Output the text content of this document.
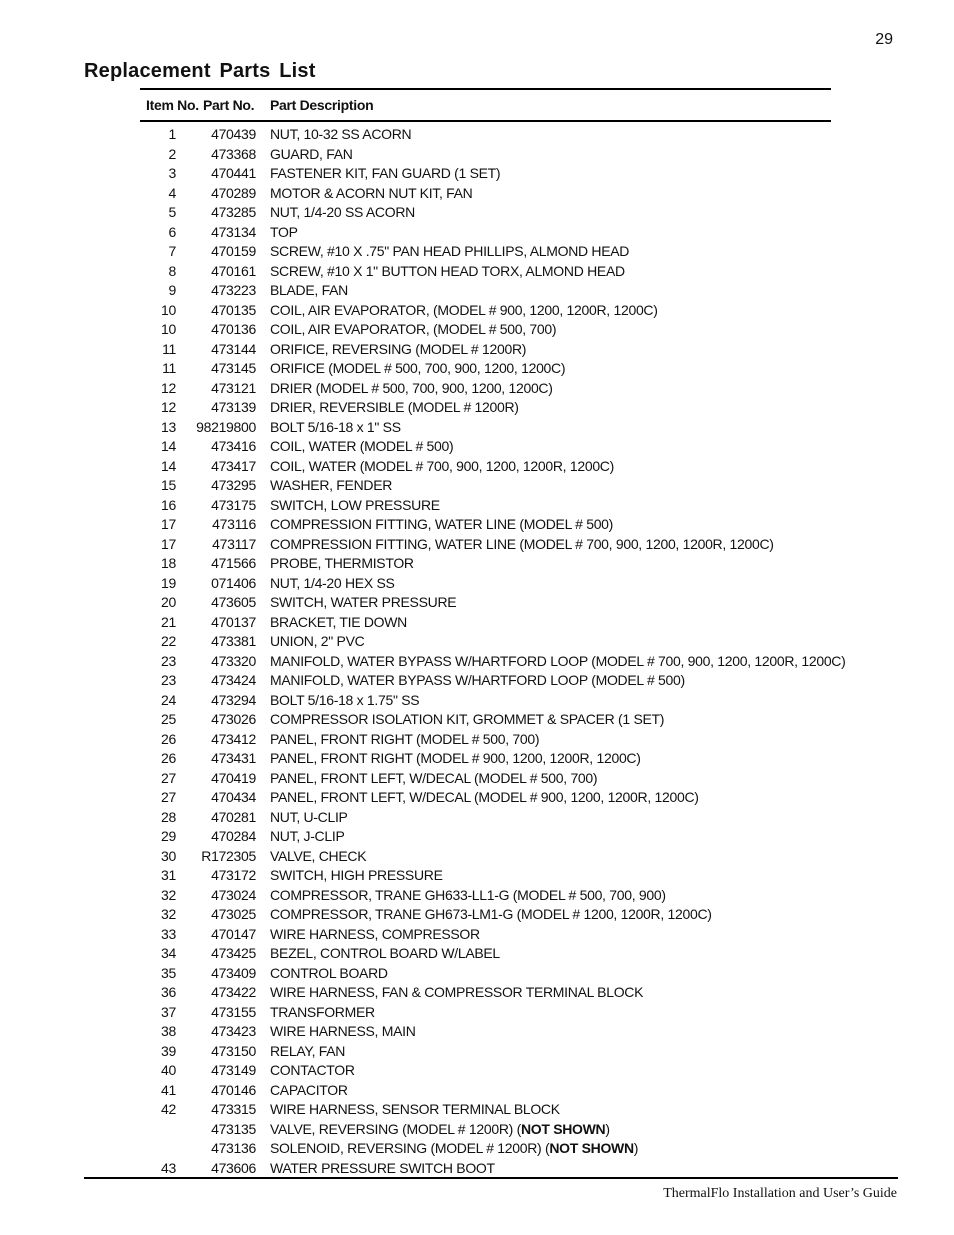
29
Replacement Parts List
Item No. Part No. Part Description
1	470439 NUT, 10-32 SS ACORN
2	473368 GUARD, FAN
3	470441 FASTENER KIT, FAN GUARD (1 SET)
4	470289 MOTOR & ACORN NUT KIT, FAN
5	473285 NUT, 1/4-20 SS ACORN
6	473134 TOP
7	470159 SCREW, #10 X .75" PAN HEAD PHILLIPS, ALMOND HEAD
8	470161 SCREW, #10 X 1" BUTTON HEAD TORX, ALMOND HEAD
9	473223 BLADE, FAN
10	470135 COIL, AIR EVAPORATOR, (MODEL # 900, 1200, 1200R, 1200C)
10	470136 COIL, AIR EVAPORATOR, (MODEL # 500, 700)
11	473144 ORIFICE, REVERSING (MODEL # 1200R)
11	473145 ORIFICE (MODEL # 500, 700, 900, 1200, 1200C)
12	473121 DRIER (MODEL # 500, 700, 900, 1200, 1200C)
12	473139 DRIER, REVERSIBLE (MODEL # 1200R)
13 98219800 BOLT 5/16-18 x 1" SS
14	473416 COIL, WATER (MODEL # 500)
14	473417 COIL, WATER (MODEL # 700, 900, 1200, 1200R, 1200C)
15	473295 WASHER, FENDER
16	473175 SWITCH, LOW PRESSURE
17	473116 COMPRESSION FITTING, WATER LINE (MODEL # 500)
17	473117 COMPRESSION FITTING, WATER LINE (MODEL # 700, 900, 1200, 1200R, 1200C)
18	471566 PROBE, THERMISTOR
19	071406 NUT, 1/4-20 HEX SS
20	473605 SWITCH, WATER PRESSURE
21	470137 BRACKET, TIE DOWN
22	473381 UNION, 2" PVC
23	473320 MANIFOLD, WATER BYPASS W/HARTFORD LOOP (MODEL # 700, 900, 1200, 1200R, 1200C)
23	473424 MANIFOLD, WATER BYPASS W/HARTFORD LOOP (MODEL # 500)
24	473294 BOLT 5/16-18 x 1.75" SS
25	473026 COMPRESSOR ISOLATION KIT, GROMMET & SPACER (1 SET)
26	473412 PANEL, FRONT RIGHT (MODEL # 500, 700)
26	473431 PANEL, FRONT RIGHT (MODEL # 900, 1200, 1200R, 1200C)
27	470419 PANEL, FRONT LEFT, W/DECAL (MODEL # 500, 700)
27	470434 PANEL, FRONT LEFT, W/DECAL (MODEL # 900, 1200, 1200R, 1200C)
28	470281 NUT, U-CLIP
29	470284 NUT, J-CLIP
30	R172305 VALVE, CHECK
31	473172 SWITCH, HIGH PRESSURE
32	473024 COMPRESSOR, TRANE GH633-LL1-G (MODEL # 500, 700, 900)
32	473025 COMPRESSOR, TRANE GH673-LM1-G (MODEL # 1200, 1200R, 1200C)
33	470147 WIRE HARNESS, COMPRESSOR
34	473425 BEZEL, CONTROL BOARD W/LABEL
35	473409 CONTROL BOARD
36	473422 WIRE HARNESS, FAN & COMPRESSOR TERMINAL BLOCK
37	473155 TRANSFORMER
38	473423 WIRE HARNESS, MAIN
39	473150 RELAY, FAN
40	473149 CONTACTOR
41	470146 CAPACITOR
42	473315 WIRE HARNESS, SENSOR TERMINAL BLOCK
473135 VALVE, REVERSING (MODEL # 1200R) (NOT SHOWN)
473136 SOLENOID, REVERSING (MODEL # 1200R) (NOT SHOWN)
43	473606 WATER PRESSURE SWITCH BOOT
ThermalFlo Installation and User’s Guide
